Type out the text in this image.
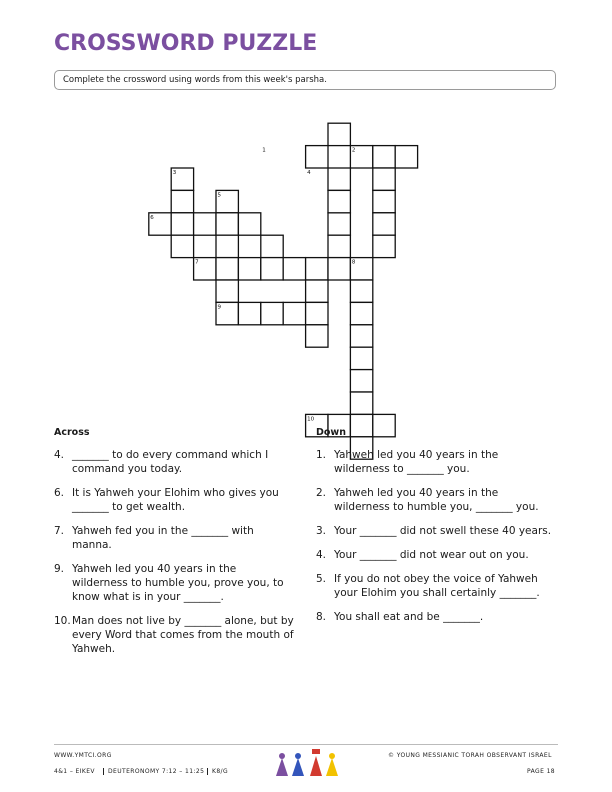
CROSSWORD PUZZLE
Complete the crossword using words from this week's parsha.
1	2
3	4
5
6
7	8
9
10
Across	Down
4. _______ to do every command which I command you today.
6. It is Yahweh your Elohim who gives you _______ to get wealth.
7. Yahweh fed you in the _______ with manna.
9. Yahweh led you 40 years in the wilderness to humble you, prove you, to know what is in your _______.
10. Man does not live by _______ alone, but by every Word that comes from the mouth of Yahweh.
1. Yahweh led you 40 years in the wilderness to _______ you.
2. Yahweh led you 40 years in the wilderness to humble you, _______ you.
3. Your _______ did not swell these 40 years.
4. Your _______ did not wear out on you.
5. If you do not obey the voice of Yahweh your Elohim you shall certainly _______.
8. You shall eat and be _______.
WWW.YMTCI.ORG
4&1 – EIKEV	DEUTERONOMY 7:12 – 11:25	K8/G
© YOUNG MESSIANIC TORAH OBSERVANT ISRAEL
PAGE 18
